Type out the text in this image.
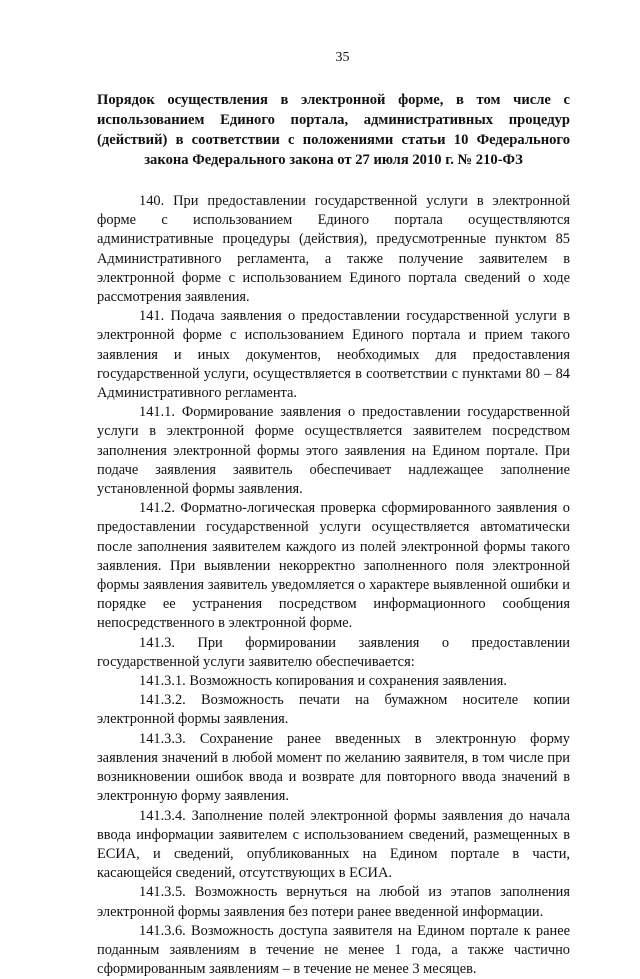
35
Порядок осуществления в электронной форме, в том числе с использованием Единого портала, административных процедур (действий) в соответствии с положениями статьи 10 Федерального закона Федерального закона от 27 июля 2010 г. № 210-ФЗ

140. При предоставлении государственной услуги в электронной форме с использованием Единого портала осуществляются административные процедуры (действия), предусмотренные пунктом 85 Административного регламента, а также получение заявителем в электронной форме с использованием Единого портала сведений о ходе рассмотрения заявления.

141. Подача заявления о предоставлении государственной услуги в электронной форме с использованием Единого портала и прием такого заявления и иных документов, необходимых для предоставления государственной услуги, осуществляется в соответствии с пунктами 80 – 84 Административного регламента.

141.1. Формирование заявления о предоставлении государственной услуги в электронной форме осуществляется заявителем посредством заполнения электронной формы этого заявления на Едином портале. При подаче заявления заявитель обеспечивает надлежащее заполнение установленной формы заявления.

141.2. Форматно-логическая проверка сформированного заявления о предоставлении государственной услуги осуществляется автоматически после заполнения заявителем каждого из полей электронной формы такого заявления. При выявлении некорректно заполненного поля электронной формы заявления заявитель уведомляется о характере выявленной ошибки и порядке ее устранения посредством информационного сообщения непосредственного в электронной форме.

141.3. При формировании заявления о предоставлении государственной услуги заявителю обеспечивается:

141.3.1. Возможность копирования и сохранения заявления.

141.3.2. Возможность печати на бумажном носителе копии электронной формы заявления.

141.3.3. Сохранение ранее введенных в электронную форму заявления значений в любой момент по желанию заявителя, в том числе при возникновении ошибок ввода и возврате для повторного ввода значений в электронную форму заявления.

141.3.4. Заполнение полей электронной формы заявления до начала ввода информации заявителем с использованием сведений, размещенных в ЕСИА, и сведений, опубликованных на Едином портале в части, касающейся сведений, отсутствующих в ЕСИА.

141.3.5. Возможность вернуться на любой из этапов заполнения электронной формы заявления без потери ранее введенной информации.

141.3.6. Возможность доступа заявителя на Едином портале к ранее поданным заявлениям в течение не менее 1 года, а также частично сформированным заявлениям – в течение не менее 3 месяцев.
